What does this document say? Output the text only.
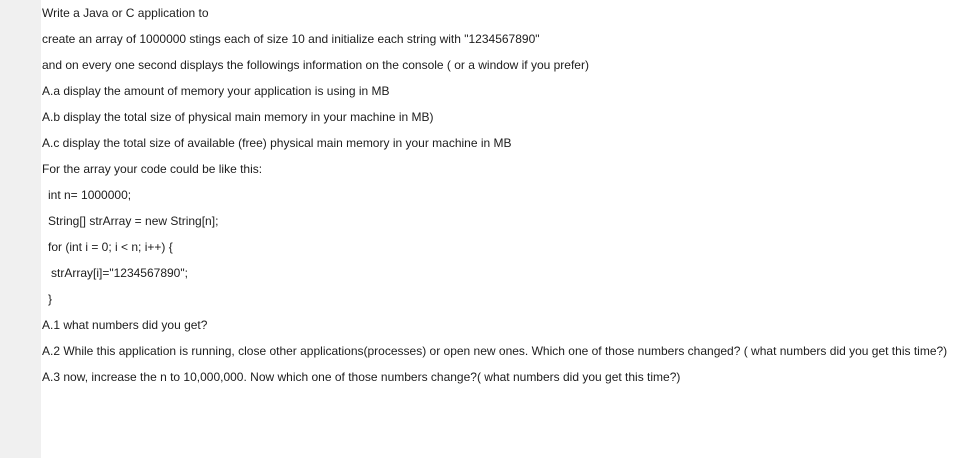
Write a Java or C application to
create an array of 1000000 stings each of size 10 and initialize each string with "1234567890"
and on every one second displays the followings information on the console ( or a window if you prefer)
A.a display the amount of memory your application is using in MB
A.b display the total size of physical main memory in your machine in MB)
A.c display the total size of available (free) physical main memory in your machine in MB
For the array your code could be like this:
int n= 1000000;
String[] strArray = new String[n];
for (int i = 0; i < n; i++) {
strArray[i]="1234567890";
}
A.1 what numbers did you get?
A.2 While this application is running, close other applications(processes) or open new ones. Which one of those numbers changed? ( what numbers did you get this time?)
A.3 now, increase the n to 10,000,000. Now which one of those numbers change?( what numbers did you get this time?)
